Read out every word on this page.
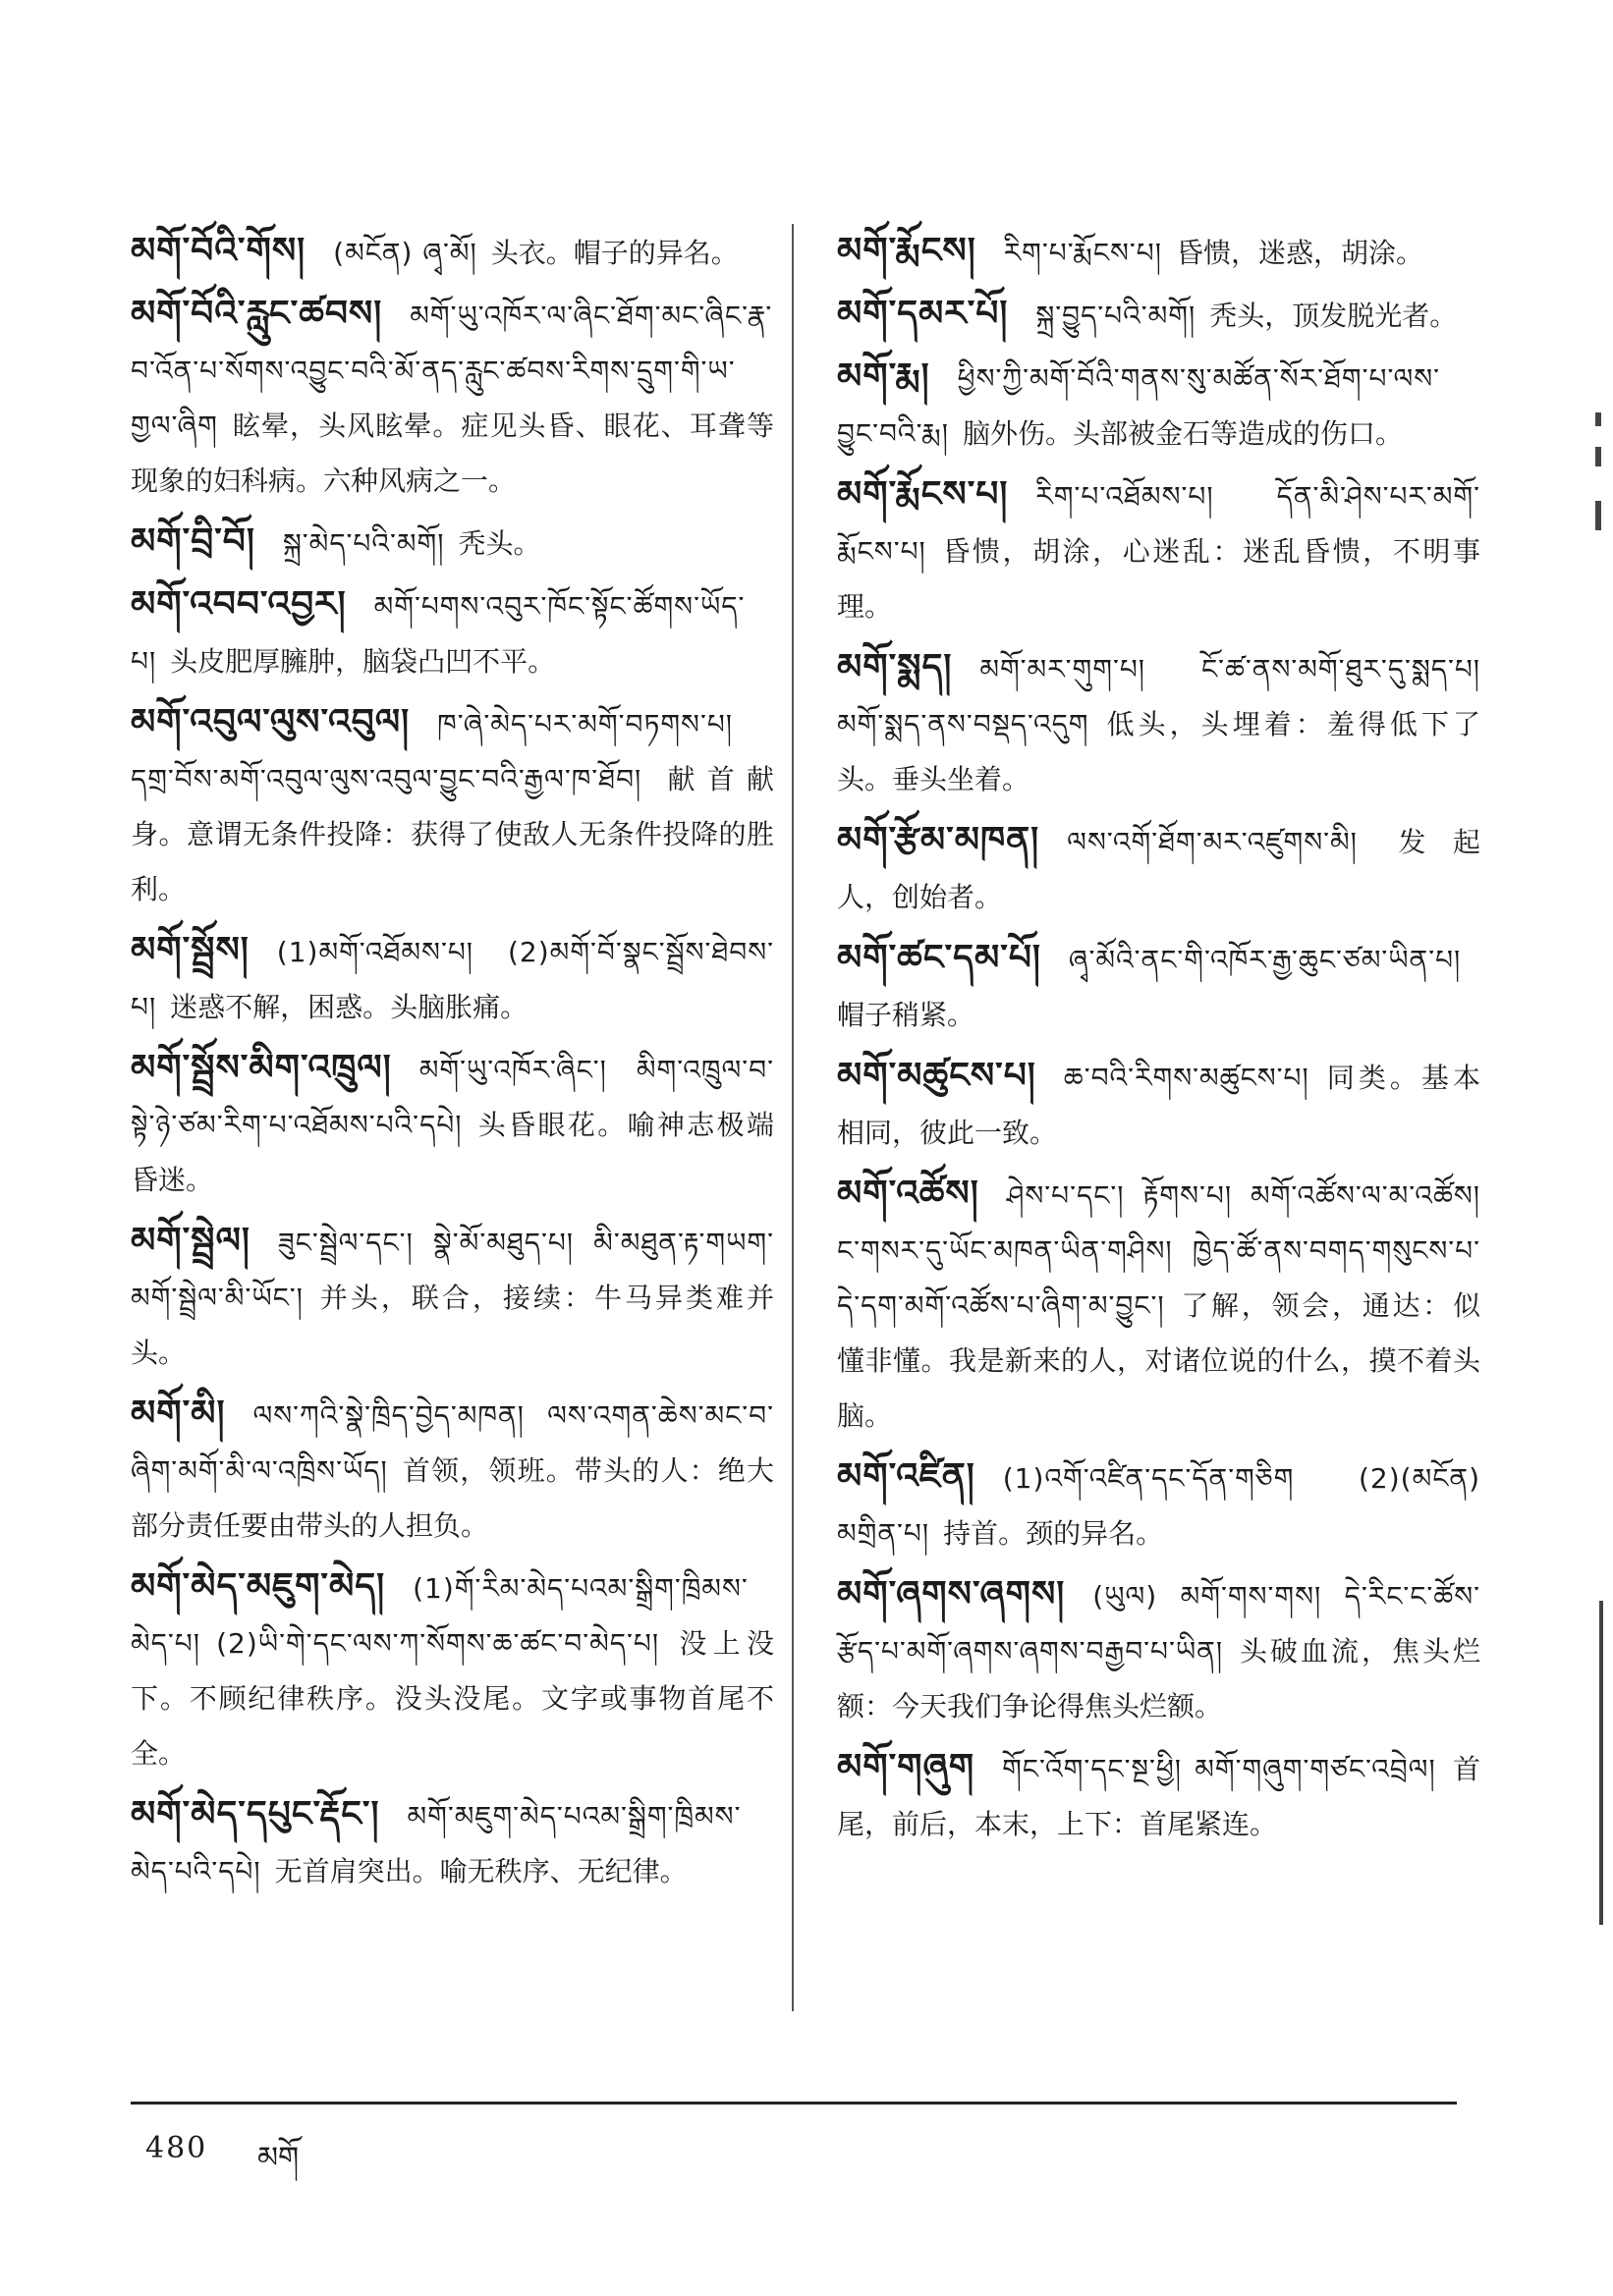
མགོ་བོའི་གོས། (མངོན) ཞྭ་མོ། 头衣。帽子的异名。

མགོ་བོའི་རླུང་ཚབས། མགོ་ཡུ་འཁོར་ལ་ཞིང་ཐོག་མང་ཞིང་རྣ་བ་འོན་པ་སོགས་འབྱུང་བའི་མོ་ནད་རླུང་ཚབས་རིགས་དྲུག་གི་ཡ་གྱལ་ཞིག 眩晕，头风眩晕。症见头昏、眼花、耳聋等现象的妇科病。六种风病之一。

མགོ་བྲི་བོ། སྐྲ་མེད་པའི་མགོ། 秃头。

མགོ་འབབ་འབྱར། མགོ་པགས་འབུར་ཁོང་སྟོང་ཚོགས་ཡོད་པ། 头皮肥厚臃肿，脑袋凸凹不平。

མགོ་འབུལ་ལུས་འབུལ། ཁ་ཞེ་མེད་པར་མགོ་བཏགས་པ། དགྲ་བོས་མགོ་འབུལ་ལུས་འབུལ་བྱུང་བའི་རྒྱལ་ཁ་ཐོབ། 献首献身。意谓无条件投降：获得了使敌人无条件投降的胜利。

མགོ་སྦྲོས། (1)མགོ་འཐོམས་པ། (2)མགོ་བོ་སྣང་སྦྲོས་ཐེབས་པ། 迷惑不解，困惑。头脑胀痛。

མགོ་སྦྲོས་མིག་འཁྲུལ། མགོ་ཡུ་འཁོར་ཞིང་། མིག་འཁྲུལ་བ་སྟེ་ཉེ་ཙམ་རིག་པ་འཐོམས་པའི་དཔེ། 头昏眼花。喻神志极端昏迷。

མགོ་སྦྲེལ། ཟུང་སྦྲེལ་དང་། སྣེ་མོ་མཐུད་པ། མི་མཐུན་རྟ་གཡག་མགོ་སྦྲེལ་མི་ཡོང་། 并头，联合，接续：牛马异类难并头。

མགོ་མི། ལས་ཀའི་སྣེ་ཁྲིད་བྱེད་མཁན། ལས་འགན་ཆེས་མང་བ་ཞིག་མགོ་མི་ལ་འཁྲིས་ཡོད། 首领，领班。带头的人：绝大部分责任要由带头的人担负。

མགོ་མེད་མཇུག་མེད། (1)གོ་རིམ་མེད་པའམ་སྒྲིག་ཁྲིམས་མེད་པ། (2)ཡི་གེ་དང་ལས་ཀ་སོགས་ཆ་ཚང་བ་མེད་པ། 没上没下。不顾纪律秩序。没头没尾。文字或事物首尾不全。

མགོ་མེད་དཔུང་རྡོང་། མགོ་མཇུག་མེད་པའམ་སྒྲིག་ཁྲིམས་མེད་པའི་དཔེ། 无首肩突出。喻无秩序、无纪律。

མགོ་རྨོངས། རིག་པ་རྨོངས་པ། 昏愦，迷惑，胡涂。

མགོ་དམར་པོ། སྐྲ་བྱུད་པའི་མགོ། 秃头，顶发脱光者。

མགོ་རྨ། ཕྱིས་ཀྱི་མགོ་བོའི་གནས་སུ་མཚོན་སོར་ཐོག་པ་ལས་བྱུང་བའི་རྨ། 脑外伤。头部被金石等造成的伤口。

མགོ་རྨོངས་པ། རིག་པ་འཐོམས་པ། དོན་མི་ཤེས་པར་མགོ་རྨོངས་པ། 昏愦，胡涂，心迷乱：迷乱昏愦，不明事理。

མགོ་སྨད། མགོ་མར་གུག་པ། ངོ་ཚ་ནས་མགོ་ཐུར་དུ་སྨད་པ། མགོ་སྨད་ནས་བསྡད་འདུག 低头，头埋着：羞得低下了头。垂头坐着。

མགོ་རྩོམ་མཁན། ལས་འགོ་ཐོག་མར་འཛུགས་མི། 发起人，创始者。

མགོ་ཚང་དམ་པོ། ཞྭ་མོའི་ནང་གི་འཁོར་རྒྱ་ཆུང་ཙམ་ཡིན་པ།帽子稍紧。

མགོ་མཚུངས་པ། ཆ་བའི་རིགས་མཚུངས་པ། 同类。基本相同，彼此一致。

མགོ་འཚོས། ཤེས་པ་དང་། རྟོགས་པ། མགོ་འཚོས་ལ་མ་འཚོས། ང་གསར་དུ་ཡོང་མཁན་ཡིན་གཤིས། ཁྱེད་ཚོ་ནས་བགད་གསུངས་པ་དེ་དག་མགོ་འཚོས་པ་ཞིག་མ་བྱུང་། 了解，领会，通达：似懂非懂。我是新来的人，对诸位说的什么，摸不着头脑。

མགོ་འཛིན། (1)འགོ་འཛིན་དང་དོན་གཅིག (2)(མངོན) མགྲིན་པ། 持首。颈的异名。

མགོ་ཞགས་ཞགས། (ཡུལ) མགོ་གས་གས། དེ་རིང་ང་ཚོས་རྩོད་པ་མགོ་ཞགས་ཞགས་བརྒྱབ་པ་ཡིན། 头破血流，焦头烂额：今天我们争论得焦头烂额。

མགོ་གཞུག གོང་འོག་དང་སྔ་ཕྱི། མགོ་གཞུག་གཙང་འབྲེལ། 首尾，前后，本末，上下：首尾紧连。

480 མགོ
